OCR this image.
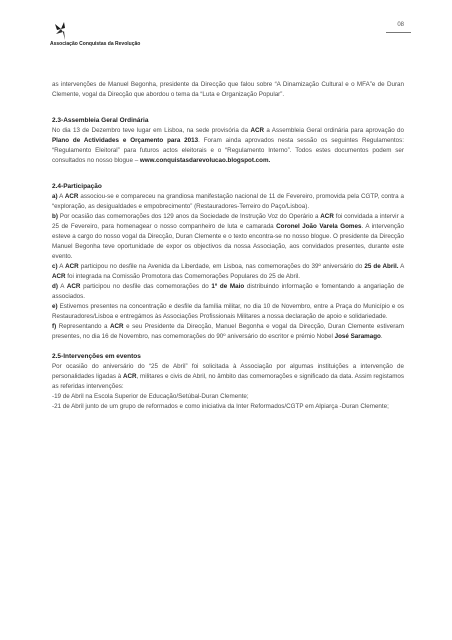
Associação Conquistas da Revolução
08

as intervenções de Manuel Begonha, presidente da Direcção que falou sobre “A Dinamização Cultural e o MFA”e de Duran Clemente, vogal da Direcção que abordou o tema da “Luta e Organização Popular”.

2.3-Assembleia Geral Ordinária

No dia 13 de Dezembro teve lugar em Lisboa, na sede provisória da ACR a Assembleia Geral ordinária para aprovação do Plano de Actividades e Orçamento para 2013. Foram ainda aprovados nesta sessão os seguintes Regulamentos: “Regulamento Eleitoral” para futuros actos eleitorais e o “Regulamento Interno”. Todos estes documentos podem ser consultados no nosso blogue – www.conquistasdarevolucao.blogspot.com.

2.4-Participação

a) A ACR associou-se e compareceu na grandiosa manifestação nacional de 11 de Fevereiro, promovida pela CGTP, contra a “exploração, as desigualdades e empobrecimento” (Restauradores-Terreiro do Paço/Lisboa).

b) Por ocasião das comemorações dos 129 anos da Sociedade de Instrução Voz do Operário a ACR foi convidada a intervir a 25 de Fevereiro, para homenagear o nosso companheiro de luta e camarada Coronel João Varela Gomes. A intervenção esteve a cargo do nosso vogal da Direcção, Duran Clemente e o texto encontra-se no nosso blogue. O presidente da Direcção Manuel Begonha teve oportunidade de expor os objectivos da nossa Associação, aos convidados presentes, durante este evento.

c) A ACR participou no desfile na Avenida da Liberdade, em Lisboa, nas comemorações do 39º aniversário do 25 de Abril. A ACR foi integrada na Comissão Promotora das Comemorações Populares do 25 de Abril.

d) A ACR participou no desfile das comemorações do 1º de Maio distribuindo informação e fomentando a angariação de associados.

e) Estivemos presentes na concentração e desfile da família militar, no dia 10 de Novembro, entre a Praça do Município e os Restauradores/Lisboa e entregámos às Associações Profissionais Militares a nossa declaração de apoio e solidariedade.

f) Representando a ACR e seu Presidente da Direcção, Manuel Begonha e vogal da Direcção, Duran Clemente estiveram presentes, no dia 16 de Novembro, nas comemorações do 90º aniversário do escritor e prémio Nobel José Saramago.

2.5-Intervenções em eventos

Por ocasião do aniversário do “25 de Abril” foi solicitada à Associação por algumas instituições a intervenção de personalidades ligadas à ACR, militares e civis de Abril, no âmbito das comemorações e significado da data. Assim registamos as referidas intervenções:

-19 de Abril na Escola Superior de Educação/Setúbal-Duran Clemente;

-21 de Abril junto de um grupo de reformados e como iniciativa da Inter Reformados/CGTP em Alpiarça -Duran Clemente;
